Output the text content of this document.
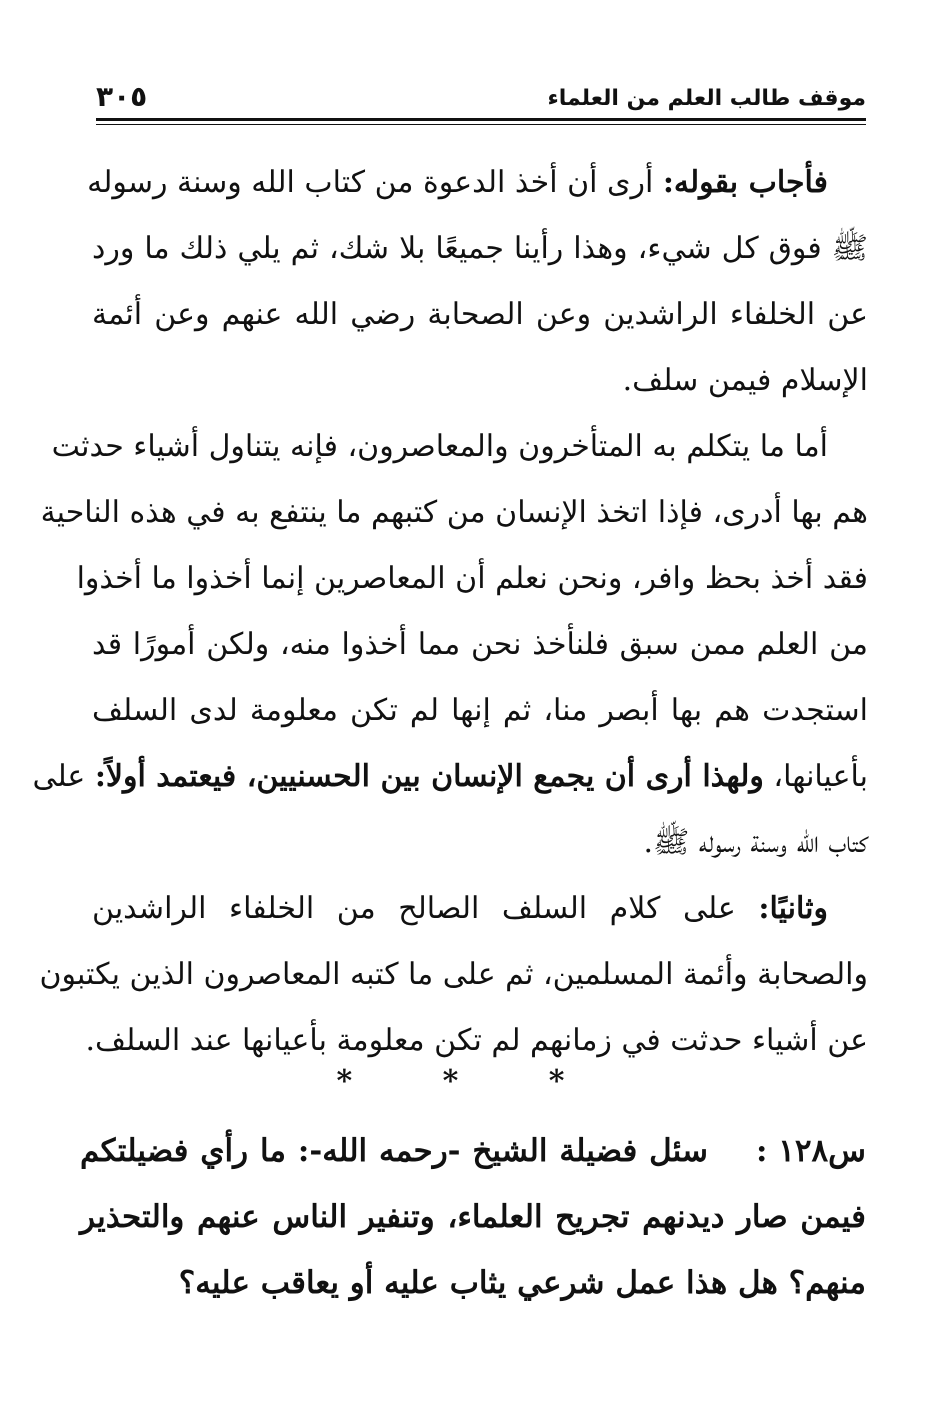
موقف طالب العلم من العلماء
٣٠٥
فأجاب بقوله: أرى أن أخذ الدعوة من كتاب الله وسنة رسوله
ﷺ فوق كل شيء، وهذا رأينا جميعًا بلا شك، ثم يلي ذلك ما ورد
عن الخلفاء الراشدين وعن الصحابة رضي الله عنهم وعن أئمة
الإسلام فيمن سلف.
أما ما يتكلم به المتأخرون والمعاصرون، فإنه يتناول أشياء حدثت
هم بها أدرى، فإذا اتخذ الإنسان من كتبهم ما ينتفع به في هذه الناحية
فقد أخذ بحظ وافر، ونحن نعلم أن المعاصرين إنما أخذوا ما أخذوا
من العلم ممن سبق فلنأخذ نحن مما أخذوا منه، ولكن أمورًا قد
استجدت هم بها أبصر منا، ثم إنها لم تكن معلومة لدى السلف
بأعيانها، ولهذا أرى أن يجمع الإنسان بين الحسنيين، فيعتمد أولاً: على
كتاب الله وسنة رسوله ﷺ.
وثانيًا: على كلام السلف الصالح من الخلفاء الراشدين
والصحابة وأئمة المسلمين، ثم على ما كتبه المعاصرون الذين يكتبون
عن أشياء حدثت في زمانهم لم تكن معلومة بأعيانها عند السلف.
* * *
س١٢٨ :سئل فضيلة الشيخ -رحمه الله-: ما رأي فضيلتكم
فيمن صار ديدنهم تجريح العلماء، وتنفير الناس عنهم والتحذير
منهم؟ هل هذا عمل شرعي يثاب عليه أو يعاقب عليه؟
